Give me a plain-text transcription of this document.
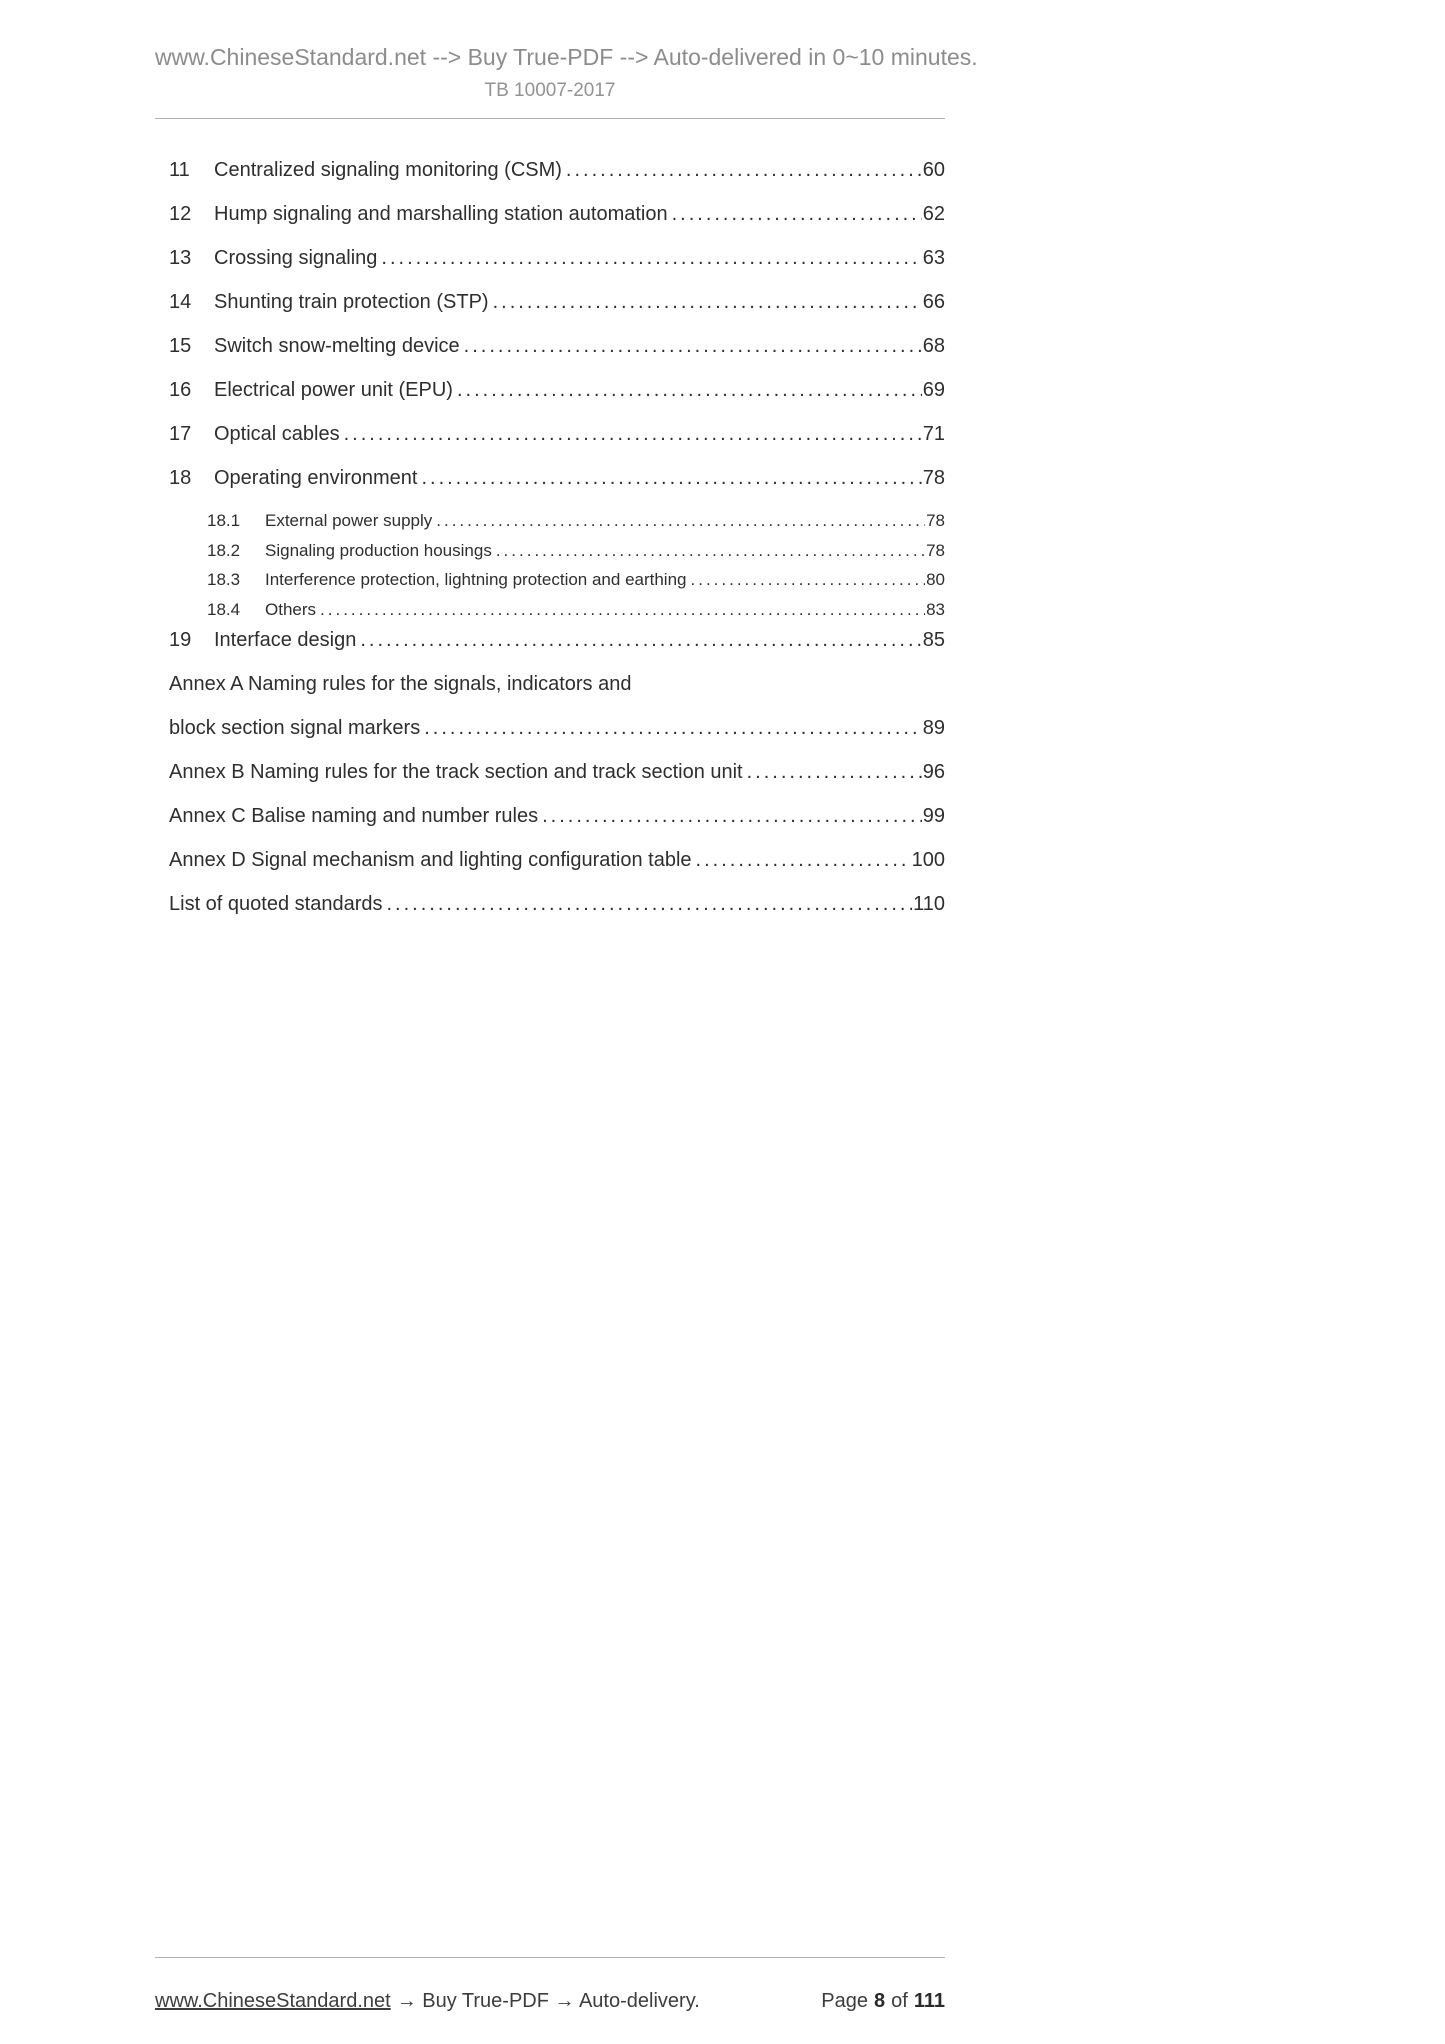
www.ChineseStandard.net --> Buy True-PDF --> Auto-delivered in 0~10 minutes.
TB 10007-2017
11	Centralized signaling monitoring (CSM) .....	60
12	Hump signaling and marshalling station automation .....	62
13	Crossing signaling .....	63
14	Shunting train protection (STP) .....	66
15	Switch snow-melting device .....	68
16	Electrical power unit (EPU) .....	69
17	Optical cables .....	71
18	Operating environment .....	78
18.1	External power supply .....	78
18.2	Signaling production housings .....	78
18.3	Interference protection, lightning protection and earthing .....	80
18.4	Others .....	83
19	Interface design .....	85
Annex A Naming rules for the signals, indicators and
block section signal markers .....	89
Annex B Naming rules for the track section and track section unit .....	96
Annex C Balise naming and number rules .....	99
Annex D Signal mechanism and lighting configuration table .....	100
List of quoted standards .....	110
www.ChineseStandard.net → Buy True-PDF → Auto-delivery.	Page 8 of 111
